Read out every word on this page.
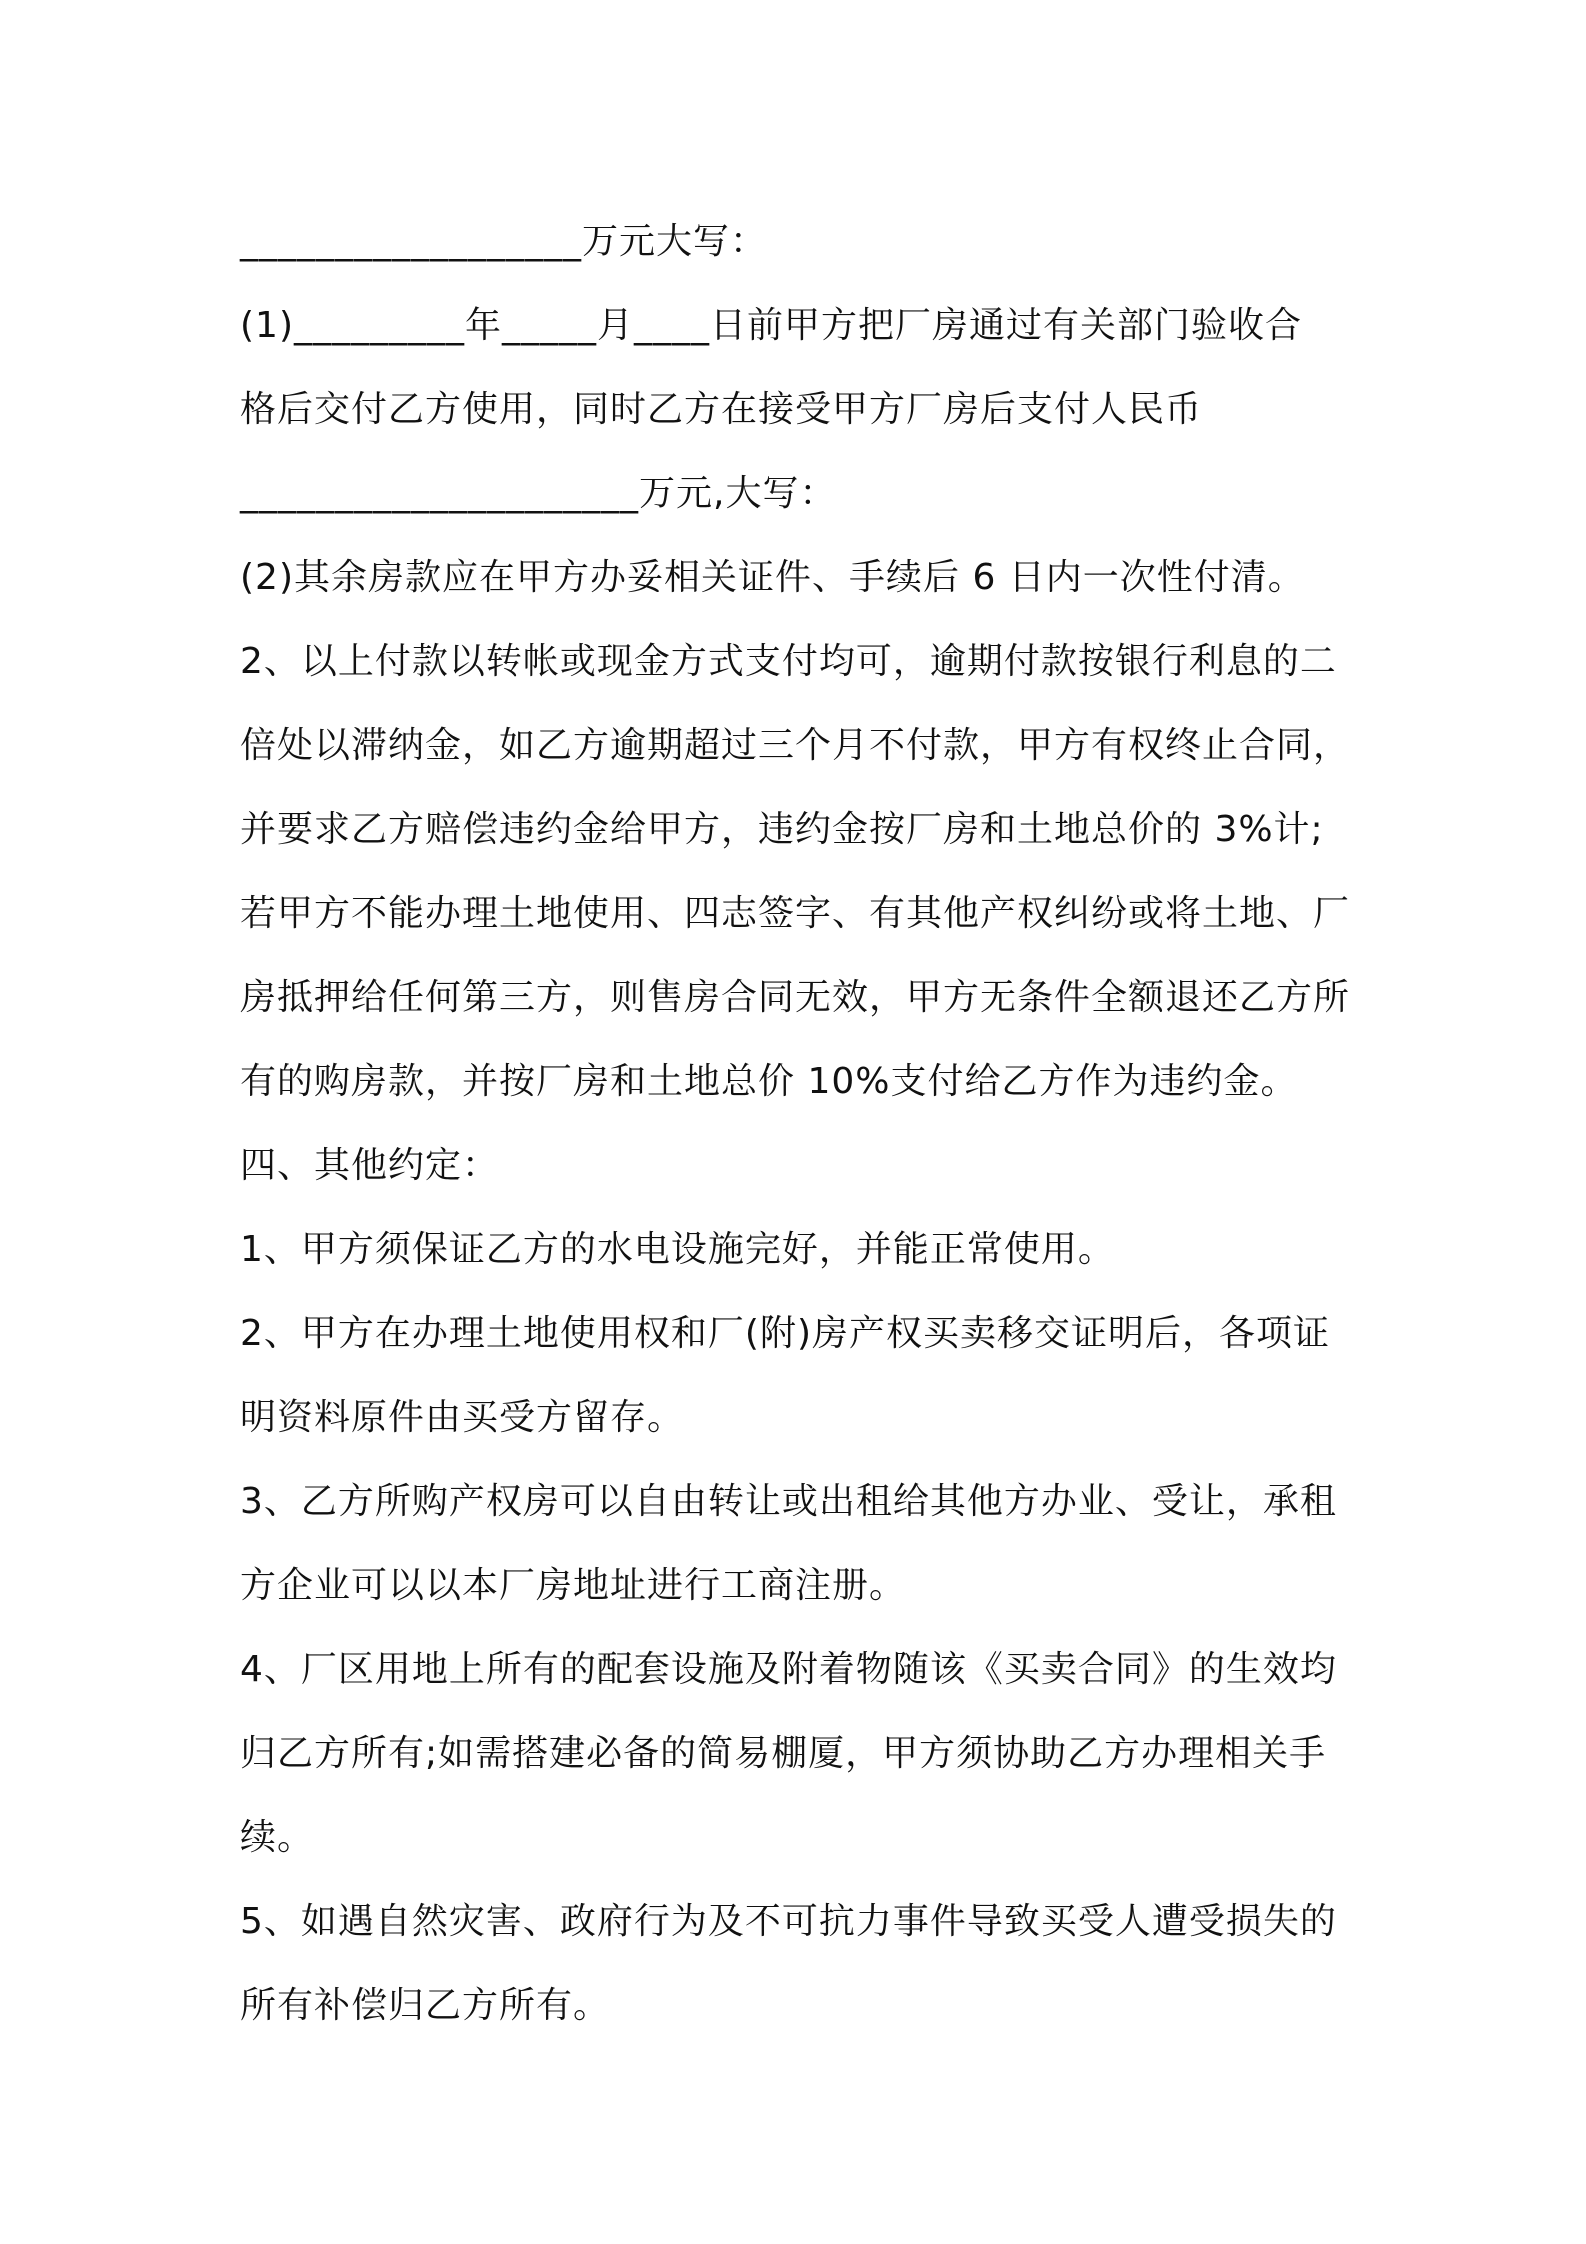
__________________万元大写：
(1)_________年_____月____日前甲方把厂房通过有关部门验收合
格后交付乙方使用，同时乙方在接受甲方厂房后支付人民币
_____________________万元,大写：
(2)其余房款应在甲方办妥相关证件、手续后 6 日内一次性付清。
2、以上付款以转帐或现金方式支付均可，逾期付款按银行利息的二
倍处以滞纳金，如乙方逾期超过三个月不付款，甲方有权终止合同，
并要求乙方赔偿违约金给甲方，违约金按厂房和土地总价的 3%计;
若甲方不能办理土地使用、四志签字、有其他产权纠纷或将土地、厂
房抵押给任何第三方，则售房合同无效，甲方无条件全额退还乙方所
有的购房款，并按厂房和土地总价 10%支付给乙方作为违约金。
四、其他约定：
1、甲方须保证乙方的水电设施完好，并能正常使用。
2、甲方在办理土地使用权和厂(附)房产权买卖移交证明后，各项证
明资料原件由买受方留存。
3、乙方所购产权房可以自由转让或出租给其他方办业、受让，承租
方企业可以以本厂房地址进行工商注册。
4、厂区用地上所有的配套设施及附着物随该《买卖合同》的生效均
归乙方所有;如需搭建必备的简易棚厦，甲方须协助乙方办理相关手
续。
5、如遇自然灾害、政府行为及不可抗力事件导致买受人遭受损失的
所有补偿归乙方所有。
